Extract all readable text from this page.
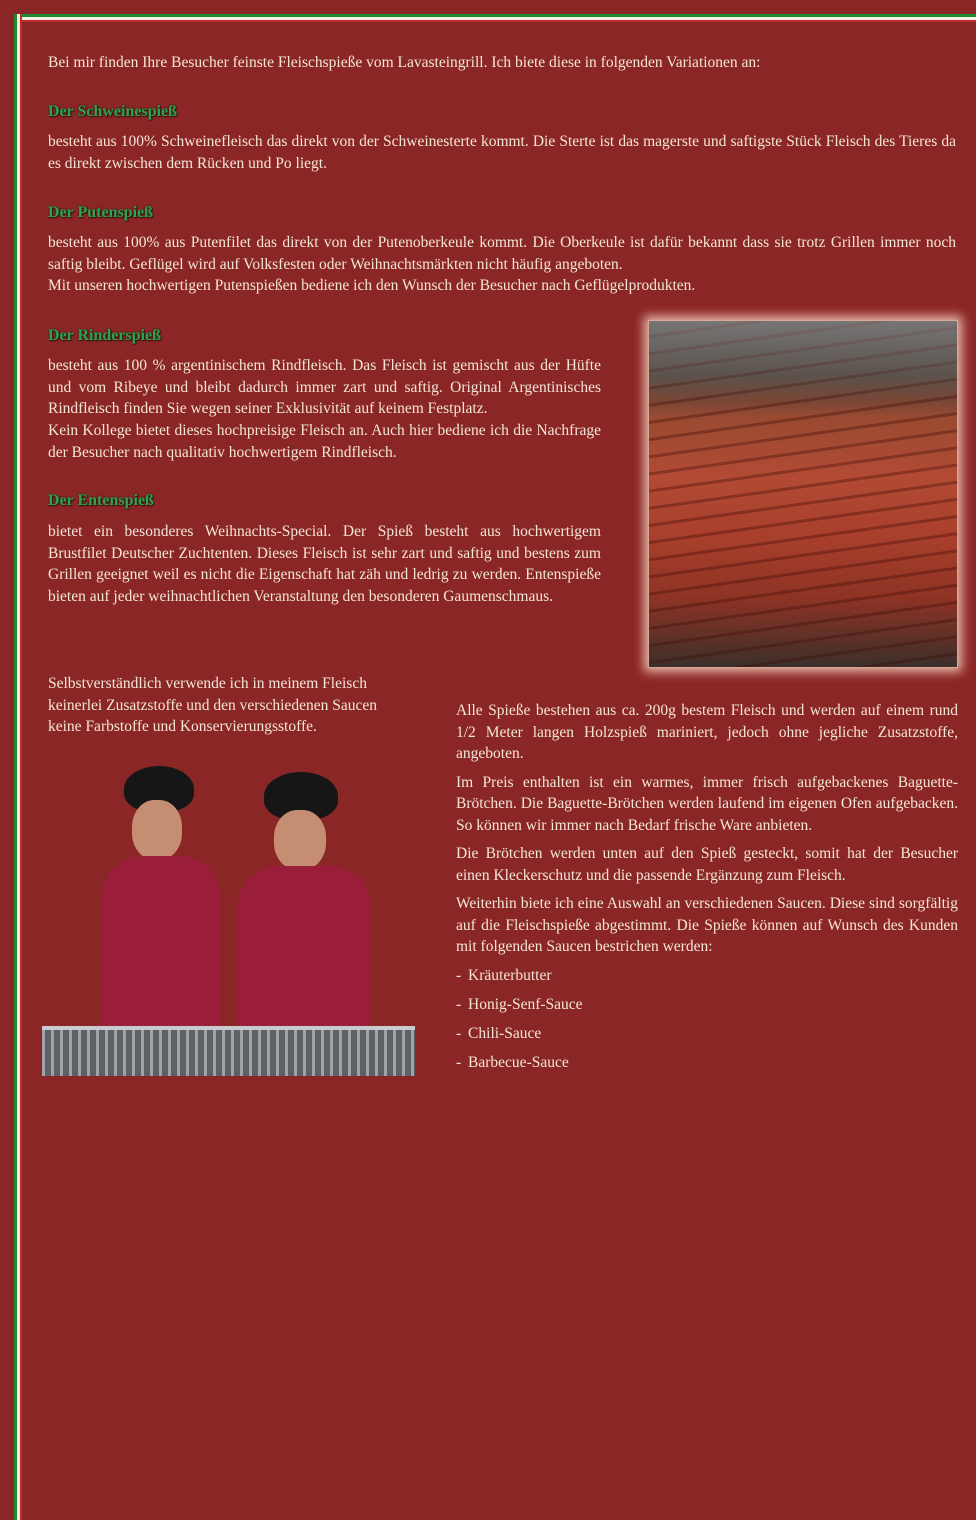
Bei mir finden Ihre Besucher feinste Fleischspieße vom Lavasteingrill. Ich biete diese in folgenden Variationen an:

Der Schweinespieß

besteht aus 100% Schweinefleisch das direkt von der Schweinesterte kommt. Die Sterte ist das magerste und saftigste Stück Fleisch des Tieres da es direkt zwischen dem Rücken und Po liegt.

Der Putenspieß

besteht aus 100% aus Putenfilet das direkt von der Putenoberkeule kommt. Die Oberkeule ist dafür bekannt dass sie trotz Grillen immer noch saftig bleibt. Geflügel wird auf Volksfesten oder Weihnachtsmärkten nicht häufig angeboten.

Mit unseren hochwertigen Putenspießen bediene ich den Wunsch der Besucher nach Geflügelprodukten.

Der Rinderspieß

besteht aus 100 % argentinischem Rindfleisch. Das Fleisch ist gemischt aus der Hüfte und vom Ribeye und bleibt dadurch immer zart und saftig. Original Argentinisches Rindfleisch finden Sie wegen seiner Exklusivität auf keinem Festplatz.

Kein Kollege bietet dieses hochpreisige Fleisch an. Auch hier bediene ich die Nachfrage der Besucher nach qualitativ hochwertigem Rindfleisch.

Der Entenspieß

bietet ein besonderes Weihnachts-Special. Der Spieß besteht aus hochwertigem Brustfilet Deutscher Zuchtenten. Dieses Fleisch ist sehr zart und saftig und bestens zum Grillen geeignet weil es nicht die Eigenschaft hat zäh und ledrig zu werden. Entenspieße bieten auf jeder weihnachtlichen Veranstaltung den besonderen Gaumenschmaus.

Selbstverständlich verwende ich in meinem Fleisch keinerlei Zusatzstoffe und den verschiedenen Saucen keine Farbstoffe und Konservierungsstoffe.

Alle Spieße bestehen aus ca. 200g bestem Fleisch und werden auf einem rund 1/2 Meter langen Holzspieß mariniert, jedoch ohne jegliche Zusatzstoffe, angeboten.

Im Preis enthalten ist ein warmes, immer frisch aufgebackenes Baguette-Brötchen. Die Baguette-Brötchen werden laufend im eigenen Ofen aufgebacken. So können wir immer nach Bedarf frische Ware anbieten.

Die Brötchen werden unten auf den Spieß gesteckt, somit hat der Besucher einen Kleckerschutz und die passende Ergänzung zum Fleisch.

Weiterhin biete ich eine Auswahl an verschiedenen Saucen. Diese sind sorgfältig auf die Fleischspieße abgestimmt. Die Spieße können auf Wunsch des Kunden mit folgenden Saucen bestrichen werden:

- Kräuterbutter
- Honig-Senf-Sauce
- Chili-Sauce
- Barbecue-Sauce
